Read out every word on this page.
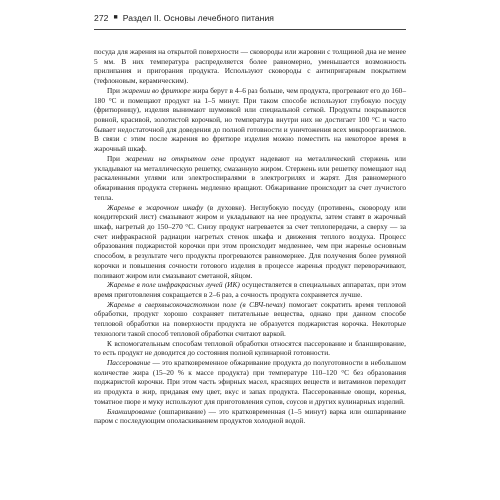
272 ■ Раздел II. Основы лечебного питания

посуда для жарения на открытой поверхности — сковороды или жаровни с толщиной дна не менее 5 мм. В них температура распределяется более равномерно, уменьшается возможность прилипания и пригорания продукта. Используют сковороды с антипригарным покрытием (тефлоновым, керамическим).

При жарении во фритюре жира берут в 4–6 раз больше, чем продукта, прогревают его до 160–180 °С и помещают продукт на 1–5 минут. При таком способе используют глубокую посуду (фритюрницу), изделия вынимают шумовкой или специальной сеткой. Продукты покрываются ровной, красивой, золотистой корочкой, но температура внутри них не достигает 100 °С и часто бывает недостаточной для доведения до полной готовности и уничтожения всех микроорганизмов. В связи с этим после жарения во фритюре изделия можно поместить на некоторое время в жарочный шкаф.

При жарении на открытом огне продукт надевают на металлический стержень или укладывают на металлическую решетку, смазанную жиром. Стержень или решетку помещают над раскаленными углями или электроспиралями в электрогрилях и жарят. Для равномерного обжаривания продукта стержень медленно вращают. Обжаривание происходит за счет лучистого тепла.

Жаренье в жарочном шкафу (в духовке). Неглубокую посуду (противень, сковороду или кондитерский лист) смазывают жиром и укладывают на нее продукты, затем ставят в жарочный шкаф, нагретый до 150–270 °С. Снизу продукт нагревается за счет теплопередачи, а сверху — за счет инфракрасной радиации нагретых стенок шкафа и движения теплого воздуха. Процесс образования поджаристой корочки при этом происходит медленнее, чем при жаренье основным способом, в результате чего продукты прогреваются равномернее. Для получения более румяной корочки и повышения сочности готового изделия в процессе жаренья продукт переворачивают, поливают жиром или смазывают сметаной, яйцом.

Жаренье в поле инфракрасных лучей (ИК) осуществляется в специальных аппаратах, при этом время приготовления сокращается в 2–6 раз, а сочность продукта сохраняется лучше.

Жаренье в сверхвысокочастотном поле (в СВЧ-печах) помогает сократить время тепловой обработки, продукт хорошо сохраняет питательные вещества, однако при данном способе тепловой обработки на поверхности продукта не образуется поджаристая корочка. Некоторые технологи такой способ тепловой обработки считают варкой.

К вспомогательным способам тепловой обработки относятся пассерование и бланширование, то есть продукт не доводится до состояния полной кулинарной готовности.

Пассерование — это кратковременное обжаривание продукта до полуготовности в небольшом количестве жира (15–20 % к массе продукта) при температуре 110–120 °С без образования поджаристой корочки. При этом часть эфирных масел, красящих веществ и витаминов переходит из продукта в жир, придавая ему цвет, вкус и запах продукта. Пассерованные овощи, коренья, томатное пюре и муку используют для приготовления супов, соусов и других кулинарных изделий.

Бланширование (ошпаривание) — это кратковременная (1–5 минут) варка или ошпаривание паром с последующим ополаскиванием продуктов холодной водой.
